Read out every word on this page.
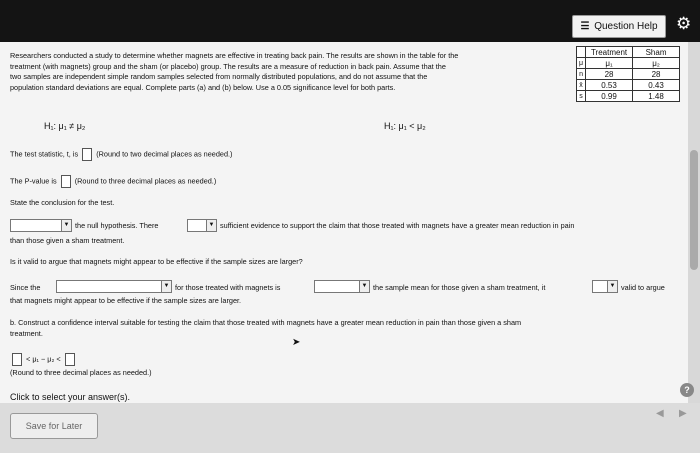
☰ Question Help	⚙
Researchers conducted a study to determine whether magnets are effective in treating back pain. The results are shown in the table for the
treatment (with magnets) group and the sham (or placebo) group. The results are a measure of reduction in back pain. Assume that the
two samples are independent simple random samples selected from normally distributed populations, and do not assume that the
population standard deviations are equal. Complete parts (a) and (b) below. Use a 0.05 significance level for both parts.
	Treatment	Sham
μ	μ₁	μ₂
n	28	28
x̄	0.53	0.43
s	0.99	1.48
H₁: μ₁ ≠ μ₂	H₁: μ₁ < μ₂
The test statistic, t, is (Round to two decimal places as needed.)
The P-value is (Round to three decimal places as needed.)
State the conclusion for the test.
▼ the null hypothesis. There	▼ sufficient evidence to support the claim that those treated with magnets have a greater mean reduction in pain
than those given a sham treatment.
Is it valid to argue that magnets might appear to be effective if the sample sizes are larger?
Since the	▼ for those treated with magnets is	▼ the sample mean for those given a sham treatment, it	▼ valid to argue
that magnets might appear to be effective if the sample sizes are larger.
b. Construct a confidence interval suitable for testing the claim that those treated with magnets have a greater mean reduction in pain than those given a sham
treatment.
< μ₁ − μ₂ <
(Round to three decimal places as needed.)
➤
Click to select your answer(s).
?
Save for Later
◀ ▶
